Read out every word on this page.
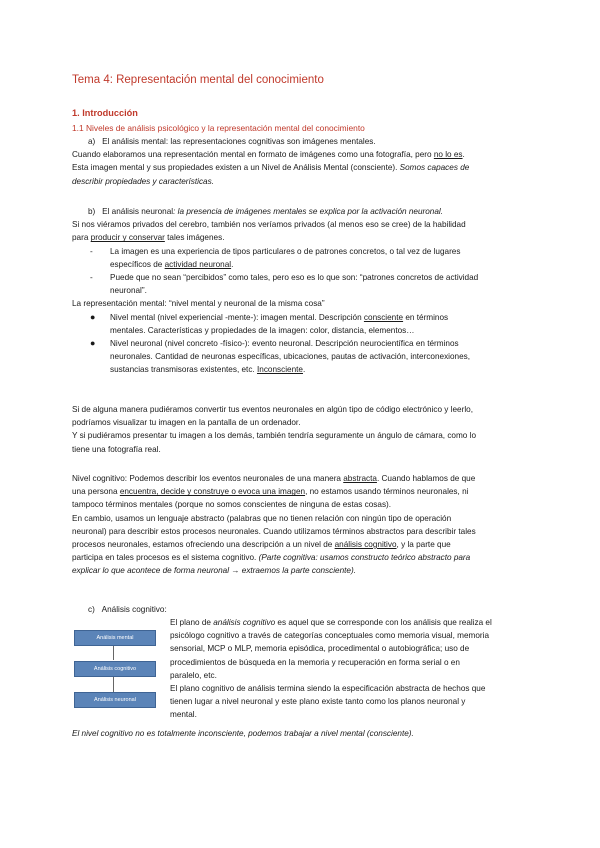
Tema 4: Representación mental del conocimiento
1. Introducción
1.1 Niveles de análisis psicológico y la representación mental del conocimiento
a) El análisis mental: las representaciones cognitivas son imágenes mentales.
Cuando elaboramos una representación mental en formato de imágenes como una fotografía, pero no lo es.
Esta imagen mental y sus propiedades existen a un Nivel de Análisis Mental (consciente). Somos capaces de
describir propiedades y características.
b) El análisis neuronal: la presencia de imágenes mentales se explica por la activación neuronal.
Si nos viéramos privados del cerebro, también nos veríamos privados (al menos eso se cree) de la habilidad
para producir y conservar tales imágenes.
- La imagen es una experiencia de tipos particulares o de patrones concretos, o tal vez de lugares
específicos de actividad neuronal.
- Puede que no sean “percibidos” como tales, pero eso es lo que son: “patrones concretos de actividad
neuronal”.
La representación mental: “nivel mental y neuronal de la misma cosa”
● Nivel mental (nivel experiencial -mente-): imagen mental. Descripción consciente en términos
mentales. Características y propiedades de la imagen: color, distancia, elementos…
● Nivel neuronal (nivel concreto -físico-): evento neuronal. Descripción neurocientífica en términos
neuronales. Cantidad de neuronas específicas, ubicaciones, pautas de activación, interconexiones,
sustancias transmisoras existentes, etc. Inconsciente.
Si de alguna manera pudiéramos convertir tus eventos neuronales en algún tipo de código electrónico y leerlo,
podríamos visualizar tu imagen en la pantalla de un ordenador.
Y si pudiéramos presentar tu imagen a los demás, también tendría seguramente un ángulo de cámara, como lo
tiene una fotografía real.
Nivel cognitivo: Podemos describir los eventos neuronales de una manera abstracta. Cuando hablamos de que
una persona encuentra, decide y construye o evoca una imagen, no estamos usando términos neuronales, ni
tampoco términos mentales (porque no somos conscientes de ninguna de estas cosas).
En cambio, usamos un lenguaje abstracto (palabras que no tienen relación con ningún tipo de operación
neuronal) para describir estos procesos neuronales. Cuando utilizamos términos abstractos para describir tales
procesos neuronales, estamos ofreciendo una descripción a un nivel de análisis cognitivo, y la parte que
participa en tales procesos es el sistema cognitivo. (Parte cognitiva: usamos constructo teórico abstracto para
explicar lo que acontece de forma neuronal → extraemos la parte consciente).
c) Análisis cognitivo:
Análisis mental
Análisis cognitivo
Análisis neuronal
El plano de análisis cognitivo es aquel que se corresponde con los análisis que realiza el
psicólogo cognitivo a través de categorías conceptuales como memoria visual, memoria
sensorial, MCP o MLP, memoria episódica, procedimental o autobiográfica; uso de
procedimientos de búsqueda en la memoria y recuperación en forma serial o en
paralelo, etc.
El plano cognitivo de análisis termina siendo la especificación abstracta de hechos que
tienen lugar a nivel neuronal y este plano existe tanto como los planos neuronal y
mental.
El nivel cognitivo no es totalmente inconsciente, podemos trabajar a nivel mental (consciente).
